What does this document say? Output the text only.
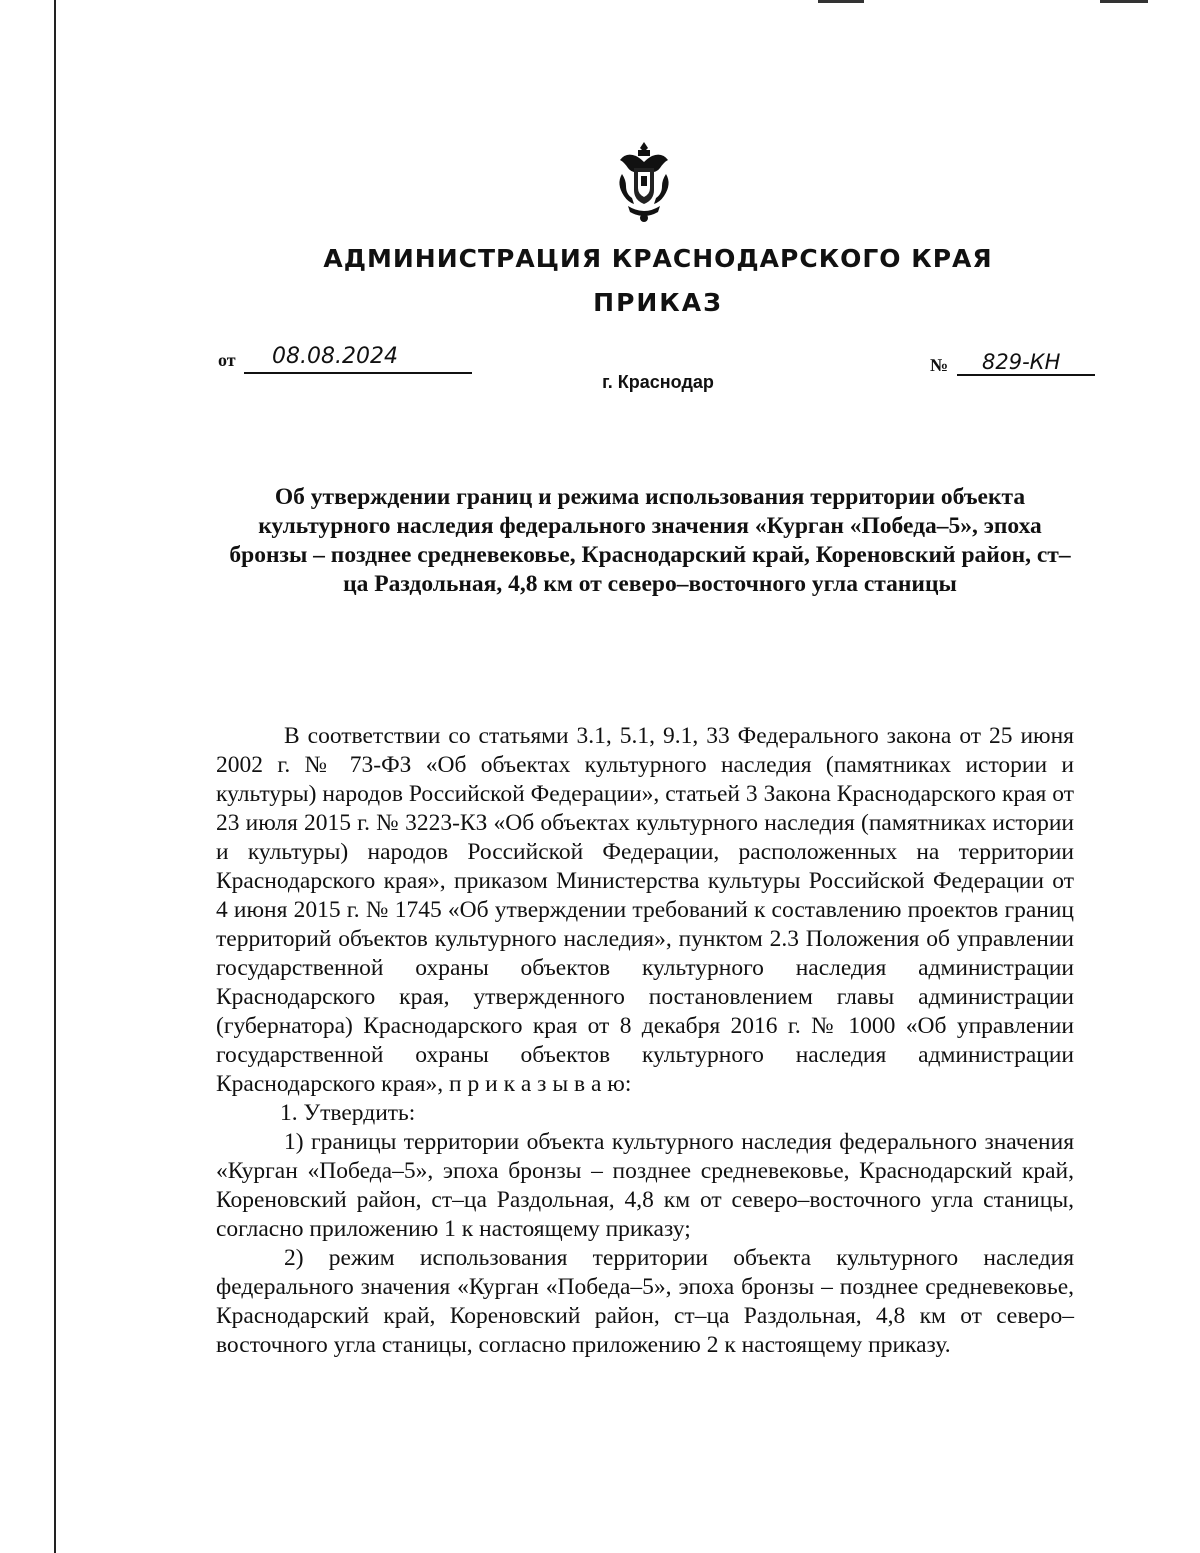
АДМИНИСТРАЦИЯ КРАСНОДАРСКОГО КРАЯ
ПРИКАЗ
от	08.08.2024
г. Краснодар
№	829-КН
Об утверждении границ и режима использования территории объекта культурного наследия федерального значения «Курган «Победа–5», эпоха бронзы – позднее средневековье, Краснодарский край, Кореновский район, ст–ца Раздольная, 4,8 км от северо–восточного угла станицы

В соответствии со статьями 3.1, 5.1, 9.1, 33 Федерального закона от 25 июня 2002 г. № 73-ФЗ «Об объектах культурного наследия (памятниках истории и культуры) народов Российской Федерации», статьей 3 Закона Краснодарского края от 23 июля 2015 г. № 3223-КЗ «Об объектах культурного наследия (памятниках истории и культуры) народов Российской Федерации, расположенных на территории Краснодарского края», приказом Министерства культуры Российской Федерации от 4 июня 2015 г. № 1745 «Об утверждении требований к составлению проектов границ территорий объектов культурного наследия», пунктом 2.3 Положения об управлении государственной охраны объектов культурного наследия администрации Краснодарского края, утвержденного постановлением главы администрации (губернатора) Краснодарского края от 8 декабря 2016 г. № 1000 «Об управлении государственной охраны объектов культурного наследия администрации Краснодарского края», п р и к а з ы в а ю:

1. Утвердить:

1) границы территории объекта культурного наследия федерального значения «Курган «Победа–5», эпоха бронзы – позднее средневековье, Краснодарский край, Кореновский район, ст–ца Раздольная, 4,8 км от северо–восточного угла станицы, согласно приложению 1 к настоящему приказу;

2) режим использования территории объекта культурного наследия федерального значения «Курган «Победа–5», эпоха бронзы – позднее средневековье, Краснодарский край, Кореновский район, ст–ца Раздольная, 4,8 км от северо–восточного угла станицы, согласно приложению 2 к настоящему приказу.
